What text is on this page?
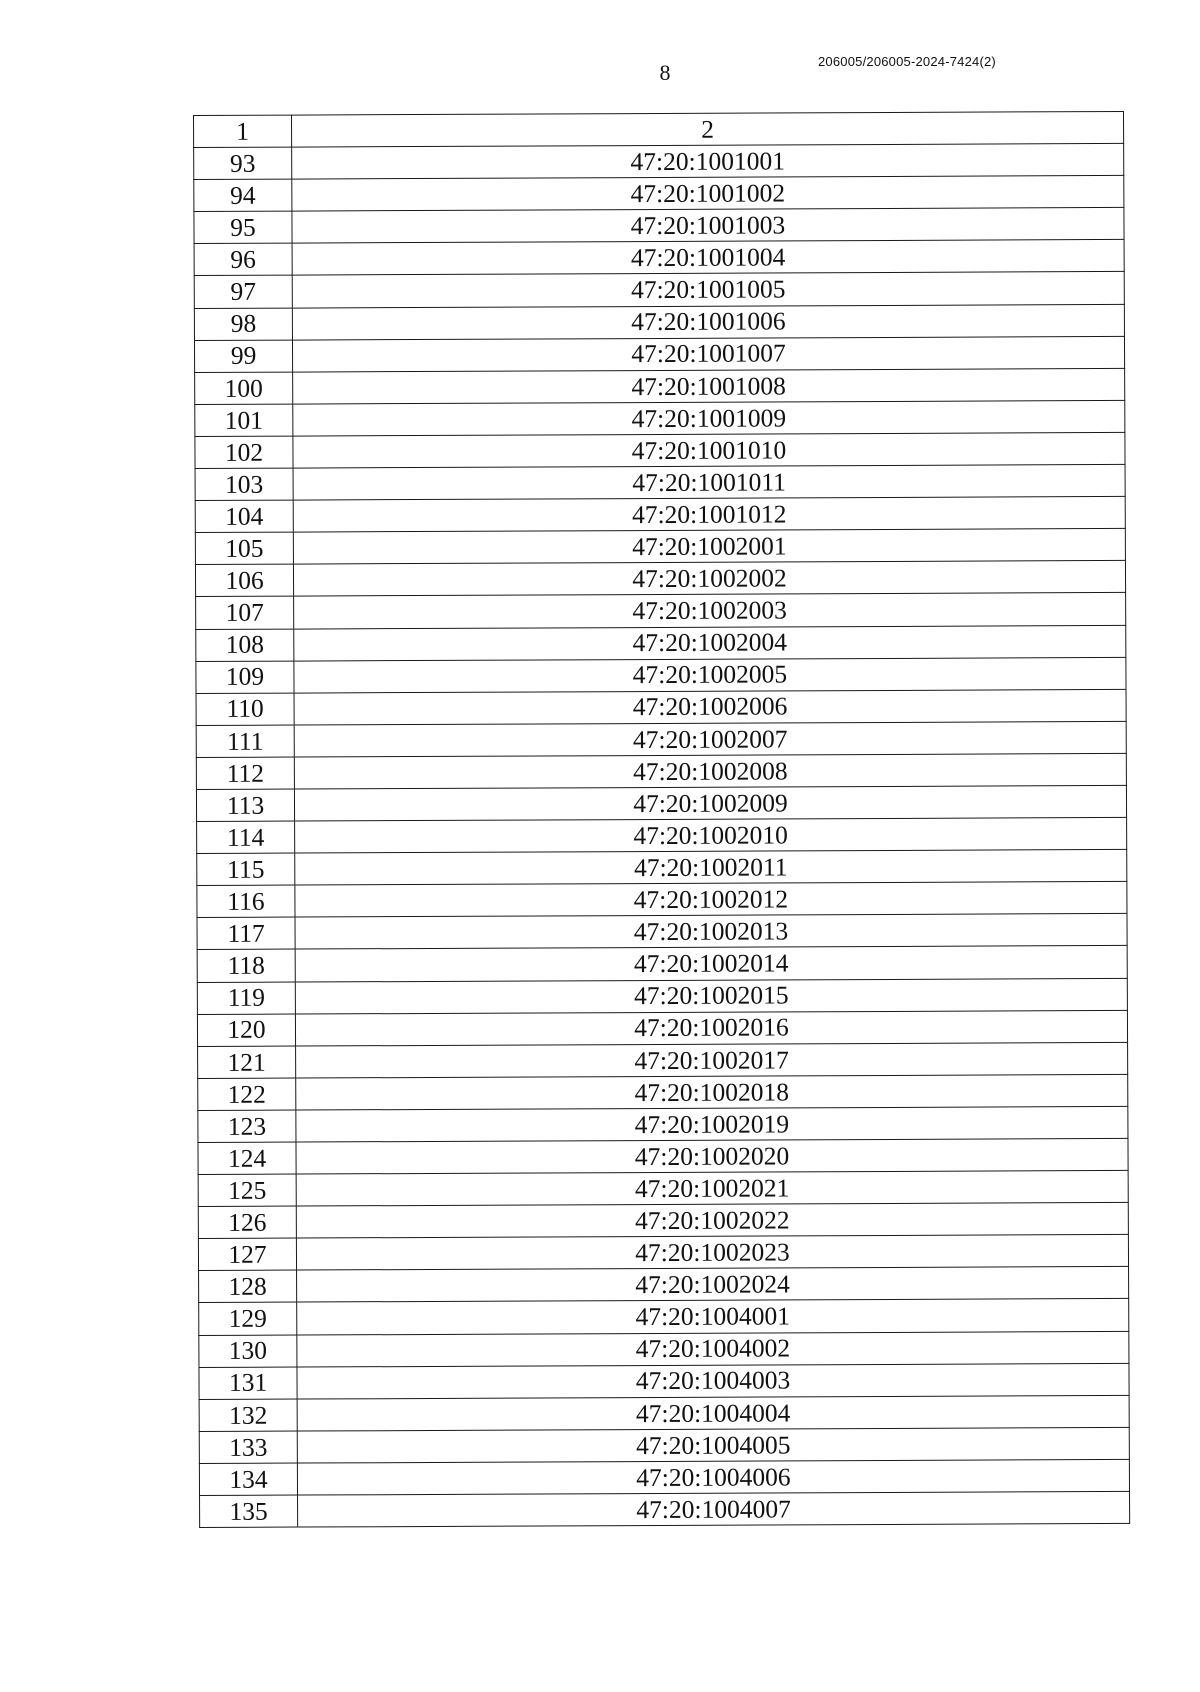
8	206005/206005-2024-7424(2)
1	2
93	47:20:1001001
94	47:20:1001002
95	47:20:1001003
96	47:20:1001004
97	47:20:1001005
98	47:20:1001006
99	47:20:1001007
100	47:20:1001008
101	47:20:1001009
102	47:20:1001010
103	47:20:1001011
104	47:20:1001012
105	47:20:1002001
106	47:20:1002002
107	47:20:1002003
108	47:20:1002004
109	47:20:1002005
110	47:20:1002006
111	47:20:1002007
112	47:20:1002008
113	47:20:1002009
114	47:20:1002010
115	47:20:1002011
116	47:20:1002012
117	47:20:1002013
118	47:20:1002014
119	47:20:1002015
120	47:20:1002016
121	47:20:1002017
122	47:20:1002018
123	47:20:1002019
124	47:20:1002020
125	47:20:1002021
126	47:20:1002022
127	47:20:1002023
128	47:20:1002024
129	47:20:1004001
130	47:20:1004002
131	47:20:1004003
132	47:20:1004004
133	47:20:1004005
134	47:20:1004006
135	47:20:1004007
